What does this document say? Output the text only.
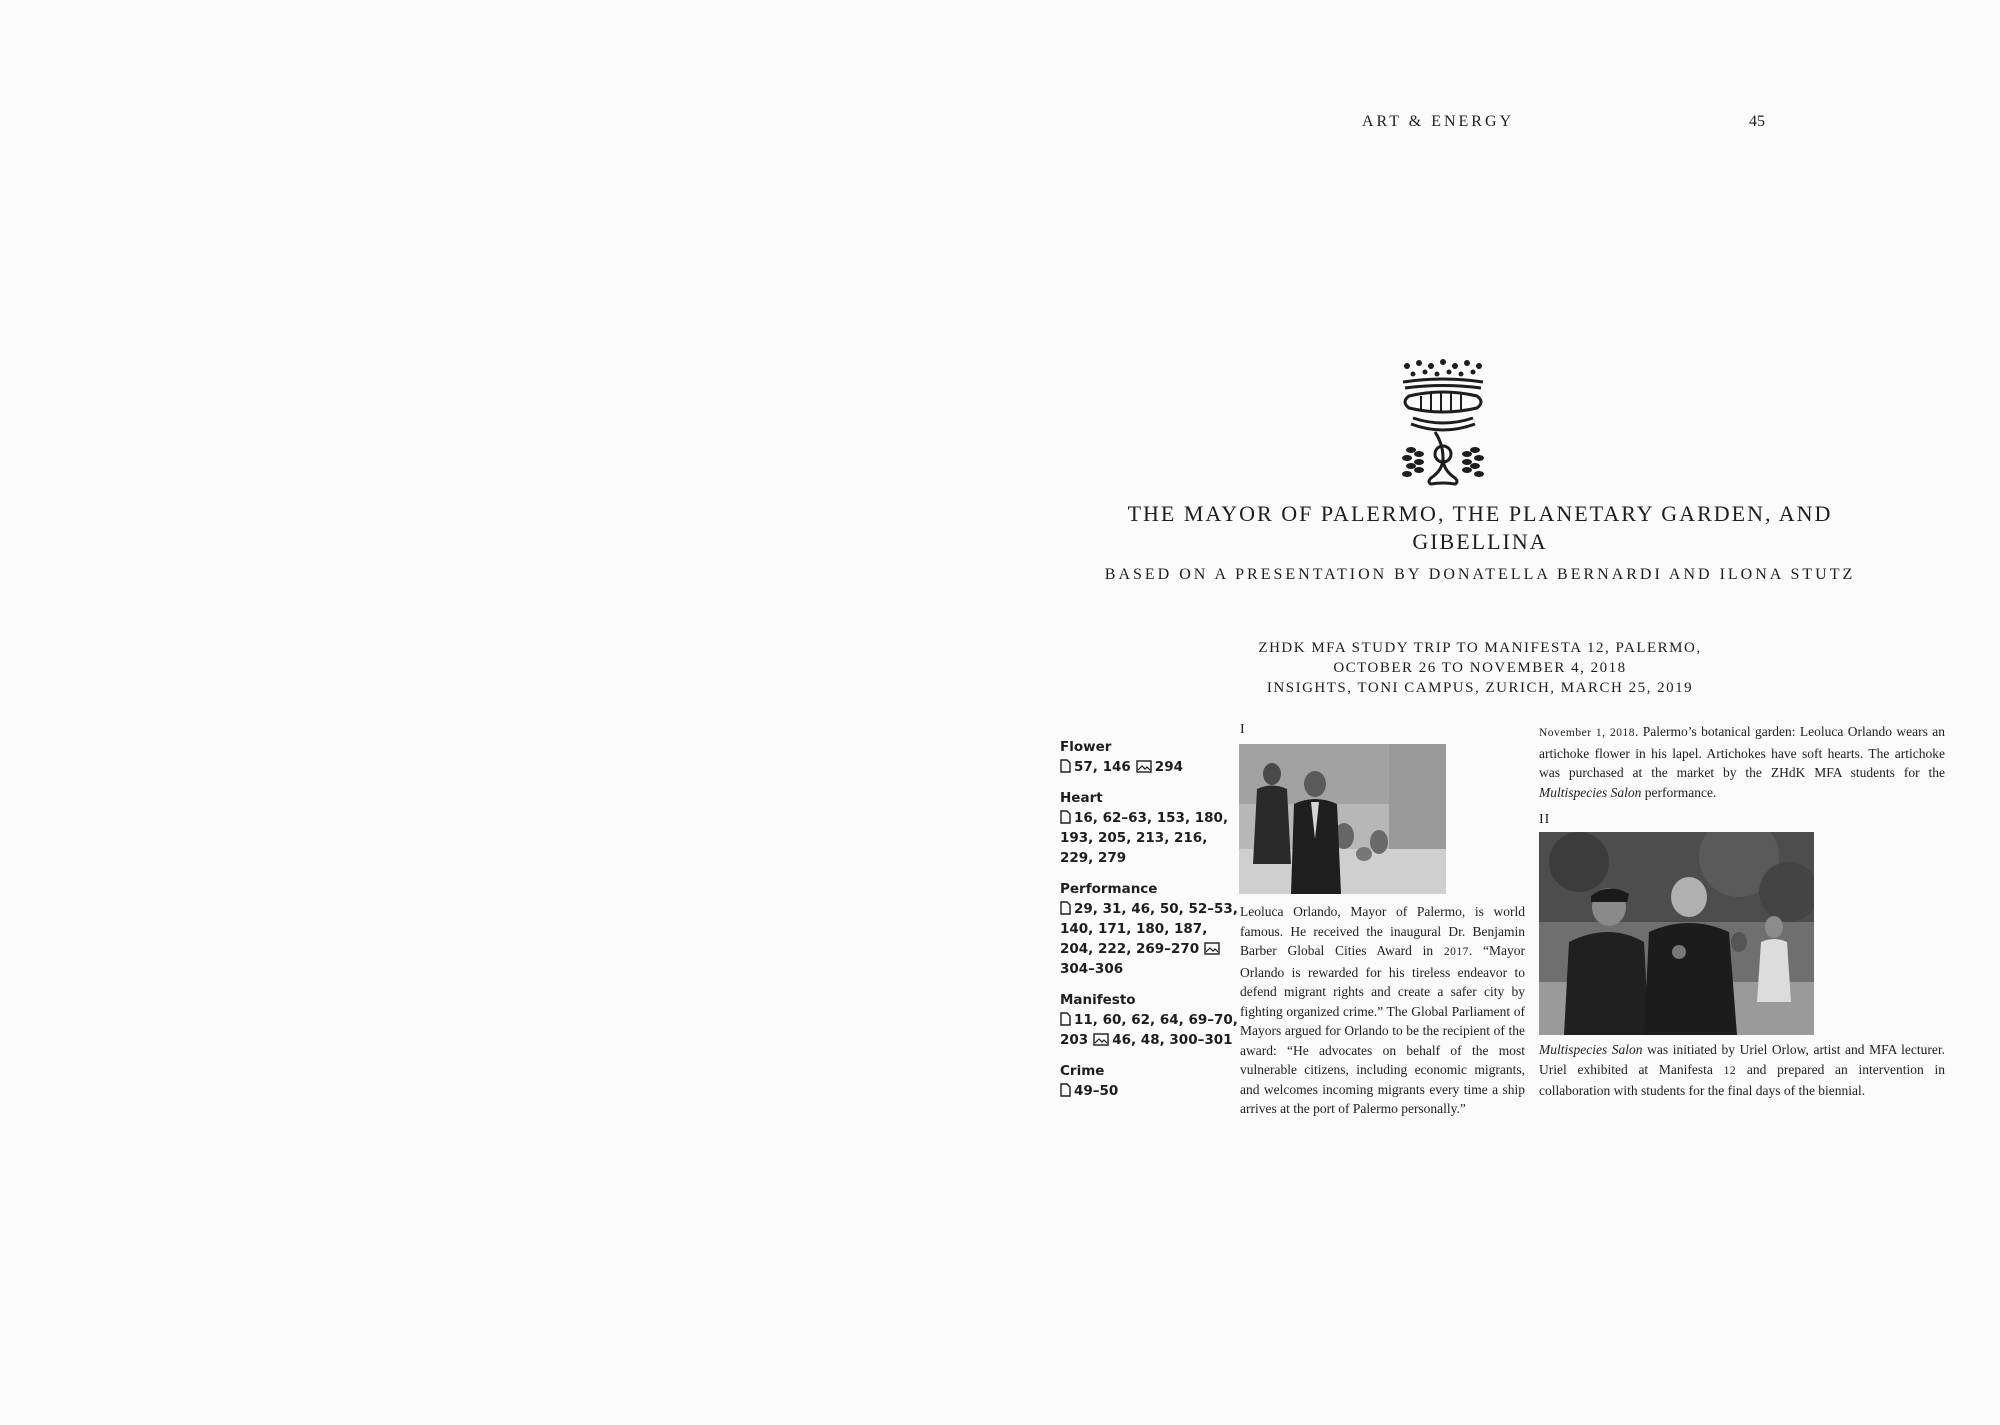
ART & ENERGY	45
THE MAYOR OF PALERMO, THE PLANETARY GARDEN, AND GIBELLINA
BASED ON A PRESENTATION BY DONATELLA BERNARDI AND ILONA STUTZ
ZHDK MFA STUDY TRIP TO MANIFESTA 12, PALERMO,
OCTOBER 26 TO NOVEMBER 4, 2018
INSIGHTS, TONI CAMPUS, ZURICH, MARCH 25, 2019
Flower
57, 146 294
Heart
16, 62–63, 153, 180, 193, 205, 213, 216, 229, 279
Performance
29, 31, 46, 50, 52–53, 140, 171, 180, 187, 204, 222, 269–270304–306
Manifesto
11, 60, 62, 64, 69–70, 203 46, 48, 300–301
Crime
49–50
I
Leoluca Orlando, Mayor of Palermo, is world famous. He received the inaugural Dr. Benjamin Barber Global Cities Award in 2017. “Mayor Orlando is rewarded for his tireless endeavor to defend migrant rights and create a safer city by fighting organized crime.” The Global Parliament of Mayors argued for Orlando to be the recipient of the award: “He advocates on behalf of the most vulnerable citizens, including economic migrants, and welcomes incoming migrants every time a ship arrives at the port of Palermo personally.”
November 1, 2018. Palermo’s botanical garden: Leoluca Orlando wears an artichoke flower in his lapel. Artichokes have soft hearts. The artichoke was purchased at the market by the ZHdK MFA students for the Multispecies Salon performance.
II
Multispecies Salon was initiated by Uriel Orlow, artist and MFA lecturer. Uriel exhibited at Manifesta 12 and prepared an intervention in collaboration with students for the final days of the biennial.
